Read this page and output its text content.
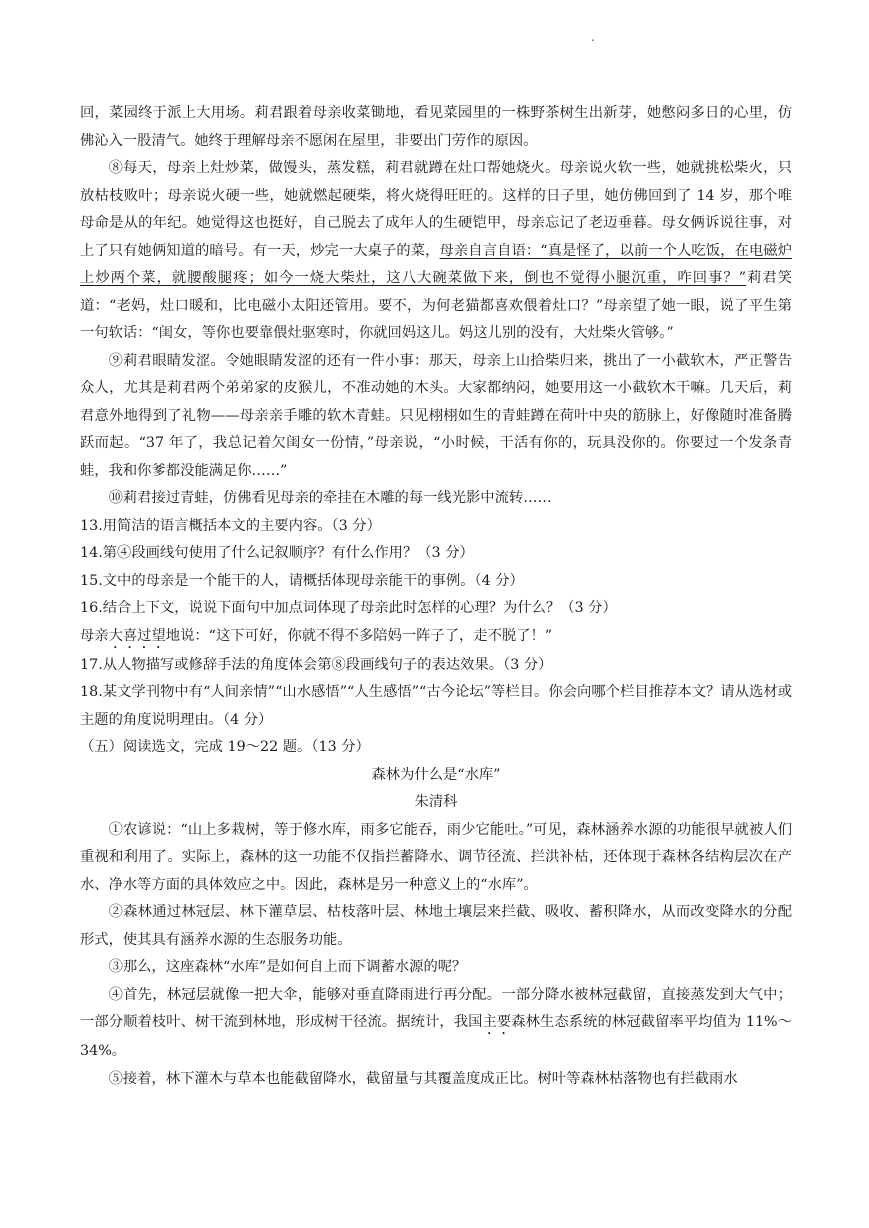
.

回，菜园终于派上大用场。莉君跟着母亲收菜锄地，看见菜园里的一株野茶树生出新芽，她憋闷多日的心里，仿佛沁入一股清气。她终于理解母亲不愿闲在屋里，非要出门劳作的原因。

⑧每天，母亲上灶炒菜，做馒头，蒸发糕，莉君就蹲在灶口帮她烧火。母亲说火软一些，她就挑松柴火，只放枯枝败叶；母亲说火硬一些，她就燃起硬柴，将火烧得旺旺的。这样的日子里，她仿佛回到了 14 岁，那个唯母命是从的年纪。她觉得这也挺好，自己脱去了成年人的生硬铠甲，母亲忘记了老迈垂暮。母女俩诉说往事，对上了只有她俩知道的暗号。有一天，炒完一大桌子的菜，母亲自言自语：“真是怪了，以前一个人吃饭，在电磁炉上炒两个菜，就腰酸腿疼；如今一烧大柴灶，这八大碗菜做下来，倒也不觉得小腿沉重，咋回事？”莉君笑道：“老妈，灶口暖和，比电磁小太阳还管用。要不，为何老猫都喜欢偎着灶口？”母亲望了她一眼，说了平生第一句软话：“闺女，等你也要靠偎灶驱寒时，你就回妈这儿。妈这儿别的没有，大灶柴火管够。”

⑨莉君眼睛发涩。令她眼睛发涩的还有一件小事：那天，母亲上山拾柴归来，挑出了一小截软木，严正警告众人，尤其是莉君两个弟弟家的皮猴儿，不准动她的木头。大家都纳闷，她要用这一小截软木干嘛。几天后，莉君意外地得到了礼物——母亲亲手雕的软木青蛙。只见栩栩如生的青蛙蹲在荷叶中央的筋脉上，好像随时准备腾跃而起。“37 年了，我总记着欠闺女一份情，”母亲说，“小时候，干活有你的，玩具没你的。你要过一个发条青蛙，我和你爹都没能满足你……”

⑩莉君接过青蛙，仿佛看见母亲的牵挂在木雕的每一线光影中流转……

13.用简洁的语言概括本文的主要内容。（3 分）

14.第④段画线句使用了什么记叙顺序？有什么作用？（3 分）

15.文中的母亲是一个能干的人，请概括体现母亲能干的事例。（4 分）

16.结合上下文，说说下面句中加点词体现了母亲此时怎样的心理？为什么？（3 分）

母亲大喜过望地说：“这下可好，你就不得不多陪妈一阵子了，走不脱了！”

17.从人物描写或修辞手法的角度体会第⑧段画线句子的表达效果。（3 分）

18.某文学刊物中有“人间亲情”“山水感悟”“人生感悟”“古今论坛”等栏目。你会向哪个栏目推荐本文？请从选材或主题的角度说明理由。（4 分）

（五）阅读选文，完成 19～22 题。（13 分）

森林为什么是“水库”

朱清科

①农谚说：“山上多栽树，等于修水库，雨多它能吞，雨少它能吐。”可见，森林涵养水源的功能很早就被人们重视和利用了。实际上，森林的这一功能不仅指拦蓄降水、调节径流、拦洪补枯，还体现于森林各结构层次在产水、净水等方面的具体效应之中。因此，森林是另一种意义上的“水库”。

②森林通过林冠层、林下灌草层、枯枝落叶层、林地土壤层来拦截、吸收、蓄积降水，从而改变降水的分配形式，使其具有涵养水源的生态服务功能。

③那么，这座森林“水库”是如何自上而下调蓄水源的呢？

④首先，林冠层就像一把大伞，能够对垂直降雨进行再分配。一部分降水被林冠截留，直接蒸发到大气中；一部分顺着枝叶、树干流到林地，形成树干径流。据统计，我国主要森林生态系统的林冠截留率平均值为 11%～34%。

⑤接着，林下灌木与草本也能截留降水，截留量与其覆盖度成正比。树叶等森林枯落物也有拦截雨水
